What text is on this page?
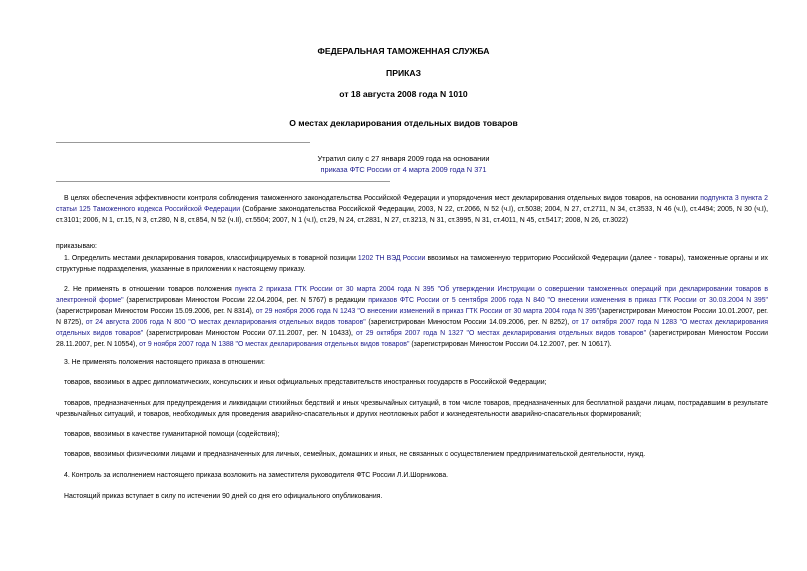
ФЕДЕРАЛЬНАЯ ТАМОЖЕННАЯ СЛУЖБА
ПРИКАЗ
от 18 августа 2008 года N 1010
О местах декларирования отдельных видов товаров
Утратил силу с 27 января 2009 года на основании
приказа ФТС России от 4 марта 2009 года N 371
В целях обеспечения эффективности контроля соблюдения таможенного законодательства Российской Федерации и упорядочения мест декларирования отдельных видов товаров, на основании подпункта 3 пункта 2 статьи 125 Таможенного кодекса Российской Федерации (Собрание законодательства Российской Федерации, 2003, N 22, ст.2066, N 52 (ч.I), ст.5038; 2004, N 27, ст.2711, N 34, ст.3533, N 46 (ч.I), ст.4494; 2005, N 30 (ч.I), ст.3101; 2006, N 1, ст.15, N 3, ст.280, N 8, ст.854, N 52 (ч.II), ст.5504; 2007, N 1 (ч.I), ст.29, N 24, ст.2831, N 27, ст.3213, N 31, ст.3995, N 31, ст.4011, N 45, ст.5417; 2008, N 26, ст.3022)
приказываю:
1. Определить местами декларирования товаров, классифицируемых в товарной позиции 1202 ТН ВЭД России ввозимых на таможенную территорию Российской Федерации (далее - товары), таможенные органы и их структурные подразделения, указанные в приложении к настоящему приказу.
2. Не применять в отношении товаров положения пункта 2 приказа ГТК России от 30 марта 2004 года N 395 "Об утверждении Инструкции о совершении таможенных операций при декларировании товаров в электронной форме" (зарегистрирован Минюстом России 22.04.2004, рег. N 5767) в редакции приказов ФТС России от 5 сентября 2006 года N 840 "О внесении изменения в приказ ГТК России от 30.03.2004 N 395" (зарегистрирован Минюстом России 15.09.2006, рег. N 8314), от 29 ноября 2006 года N 1243 "О внесении изменений в приказ ГТК России от 30 марта 2004 года N 395"(зарегистрирован Минюстом России 10.01.2007, рег. N 8725), от 24 августа 2006 года N 800 "О местах декларирования отдельных видов товаров" (зарегистрирован Минюстом России 14.09.2006, рег. N 8252), от 17 октября 2007 года N 1283 "О местах декларирования отдельных видов товаров" (зарегистрирован Минюстом России 07.11.2007, рег. N 10433), от 29 октября 2007 года N 1327 "О местах декларирования отдельных видов товаров" (зарегистрирован Минюстом России 28.11.2007, рег. N 10554), от 9 ноября 2007 года N 1388 "О местах декларирования отдельных видов товаров" (зарегистрирован Минюстом России 04.12.2007, рег. N 10617).
3. Не применять положения настоящего приказа в отношении:
товаров, ввозимых в адрес дипломатических, консульских и иных официальных представительств иностранных государств в Российской Федерации;
товаров, предназначенных для предупреждения и ликвидации стихийных бедствий и иных чрезвычайных ситуаций, в том числе товаров, предназначенных для бесплатной раздачи лицам, пострадавшим в результате чрезвычайных ситуаций, и товаров, необходимых для проведения аварийно-спасательных и других неотложных работ и жизнедеятельности аварийно-спасательных формирований;
товаров, ввозимых в качестве гуманитарной помощи (содействия);
товаров, ввозимых физическими лицами и предназначенных для личных, семейных, домашних и иных, не связанных с осуществлением предпринимательской деятельности, нужд.
4. Контроль за исполнением настоящего приказа возложить на заместителя руководителя ФТС России Л.И.Шорникова.
Настоящий приказ вступает в силу по истечении 90 дней со дня его официального опубликования.
